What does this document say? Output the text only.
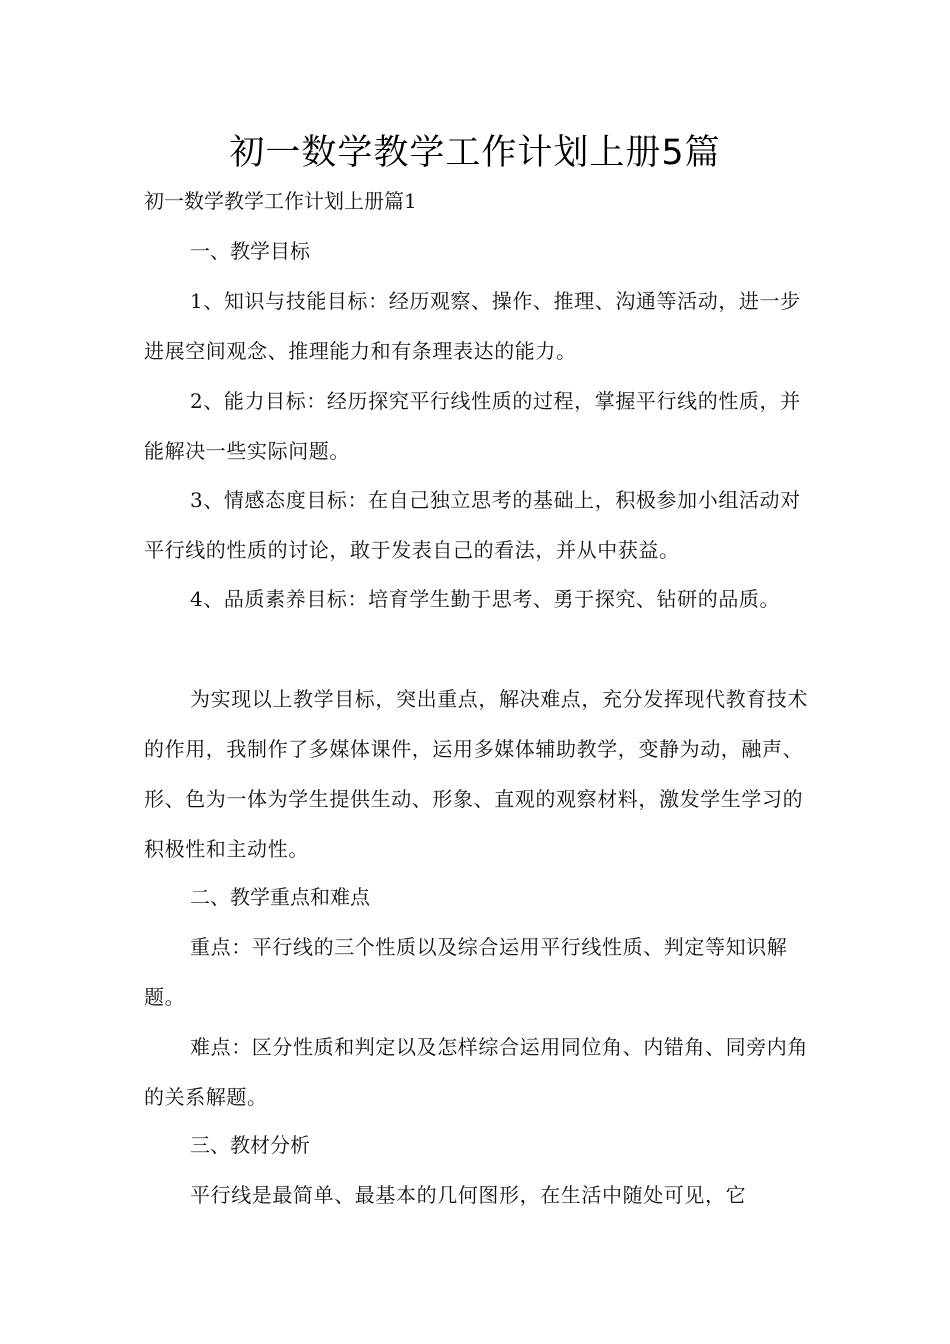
初一数学教学工作计划上册5篇
初一数学教学工作计划上册篇1

一、教学目标

1、知识与技能目标：经历观察、操作、推理、沟通等活动，进一步进展空间观念、推理能力和有条理表达的能力。

2、能力目标：经历探究平行线性质的过程，掌握平行线的性质，并能解决一些实际问题。

3、情感态度目标：在自己独立思考的基础上，积极参加小组活动对平行线的性质的讨论，敢于发表自己的看法，并从中获益。

4、品质素养目标：培育学生勤于思考、勇于探究、钻研的品质。

为实现以上教学目标，突出重点，解决难点，充分发挥现代教育技术的作用，我制作了多媒体课件，运用多媒体辅助教学，变静为动，融声、形、色为一体为学生提供生动、形象、直观的观察材料，激发学生学习的积极性和主动性。

二、教学重点和难点

重点：平行线的三个性质以及综合运用平行线性质、判定等知识解题。

难点：区分性质和判定以及怎样综合运用同位角、内错角、同旁内角的关系解题。

三、教材分析

平行线是最简单、最基本的几何图形，在生活中随处可见，它
